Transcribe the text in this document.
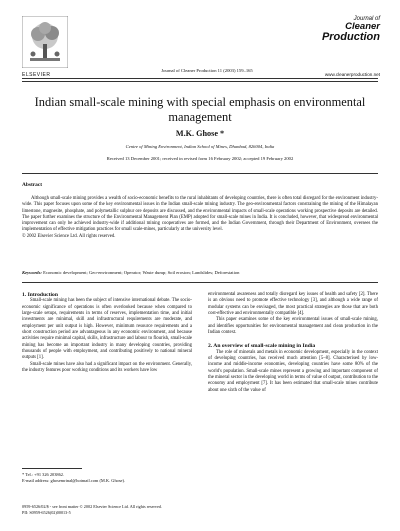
ELSEVIER
Journal of Cleaner Production 11 (2003) 159–165
Journal of
Cleaner
Production
www.cleanerproduction.net
Indian small-scale mining with special emphasis on environmental management
M.K. Ghose *
Centre of Mining Environment, Indian School of Mines, Dhanbad, 826004, India
Received 13 December 2001; received in revised form 16 February 2002; accepted 19 February 2002
Abstract
Although small-scale mining provides a wealth of socio-economic benefits to the rural inhabitants of developing countries, there is often total disregard for the environment industry-wide. This paper focuses upon some of the key environmental issues in the Indian small-scale mining industry. The geo-environmental factors constraining the mining of the Himalayan limestone, magnesite, phosphate, and polymetallic sulphur ore deposits are discussed, and the environmental impacts of small-scale operations working prospective deposits are detailed. The paper further examines the structure of the Environmental Management Plan (EMP) adopted for small-scale mines in India. It is concluded, however, that widespread environmental improvement can only be achieved industry-wide if additional mining cooperatives are formed, and the Indian Government, through their Department of Environment, oversees the implementation of effective mitigation practices for small scale-mines, particularly at the university level.
© 2002 Elsevier Science Ltd. All rights reserved.
Keywords: Economic development; Geo-environment; Operator; Waste dump; Soil erosion; Landslides; Deforestation

1. Introduction

Small-scale mining has been the subject of intensive international debate. The socio-economic significance of operations is often overlooked because when compared to large-scale setups, requirements in terms of reserves, implementation time, and initial investments are minimal, skill and infrastructural requirements are moderate, and employment per unit output is high. However, minimum resource requirements and a short construction period are advantageous in any economic environment, and because activities require minimal capital, skills, infrastructure and labour to flourish, small-scale mining has become an important industry in many developing countries, providing thousands of people with employment, and contributing positively to national mineral outputs [1].

Small-scale mines have also had a significant impact on the environment. Generally, the industry features poor working conditions and its workers have low

environmental awareness and totally disregard key issues of health and safety [2]. There is an obvious need to promote effective technology [3], and although a wide range of modular systems can be envisaged, the most practical strategies are those that are both cost-effective and environmentally compatible [4].

This paper examines some of the key environmental issues of small-scale mining, and identifies opportunities for environmental management and clean production in the Indian context.

2. An overview of small-scale mining in India

The role of minerals and metals in economic development, especially in the context of developing countries, has received much attention [5–8]. Characterised by low-income and middle-income economies, developing countries have some 80% of the world's population. Small-scale mines represent a growing and important component of the mineral sector in the developing world in terms of value of output, contribution to the economy and employment [7]. It has been estimated that small-scale mines contribute about one sixth of the value of

* Tel.: +91 326 203862.
E-mail address: ghosemrinal@hotmail.com (M.K. Ghose).
0959-6526/02/$ - see front matter © 2002 Elsevier Science Ltd. All rights reserved.
PII: S0959-6526(02)00013-5
